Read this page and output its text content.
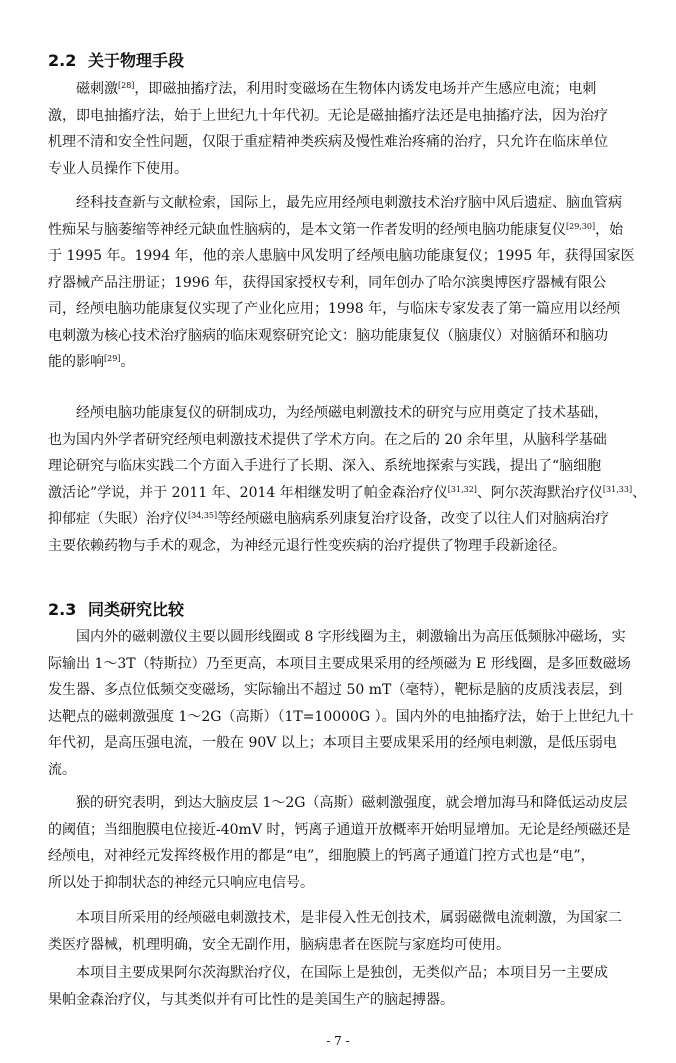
2.2 关于物理手段
磁刺激[28]，即磁抽搐疗法，利用时变磁场在生物体内诱发电场并产生感应电流；电刺
激，即电抽搐疗法，始于上世纪九十年代初。无论是磁抽搐疗法还是电抽搐疗法，因为治疗
机理不清和安全性问题，仅限于重症精神类疾病及慢性难治疼痛的治疗，只允许在临床单位
专业人员操作下使用。
经科技查新与文献检索，国际上，最先应用经颅电刺激技术治疗脑中风后遗症、脑血管病
性痴呆与脑萎缩等神经元缺血性脑病的，是本文第一作者发明的经颅电脑功能康复仪[29,30]，始
于 1995 年。1994 年，他的亲人患脑中风发明了经颅电脑功能康复仪；1995 年，获得国家医
疗器械产品注册证；1996 年，获得国家授权专利，同年创办了哈尔滨奥博医疗器械有限公
司，经颅电脑功能康复仪实现了产业化应用；1998 年，与临床专家发表了第一篇应用以经颅
电刺激为核心技术治疗脑病的临床观察研究论文：脑功能康复仪（脑康仪）对脑循环和脑功
能的影响[29]。
经颅电脑功能康复仪的研制成功，为经颅磁电刺激技术的研究与应用奠定了技术基础，
也为国内外学者研究经颅电刺激技术提供了学术方向。在之后的 20 余年里，从脑科学基础
理论研究与临床实践二个方面入手进行了长期、深入、系统地探索与实践，提出了“脑细胞
激活论”学说，并于 2011 年、2014 年相继发明了帕金森治疗仪[31,32]、阿尔茨海默治疗仪[31,33]、
抑郁症（失眠）治疗仪[34,35]等经颅磁电脑病系列康复治疗设备，改变了以往人们对脑病治疗
主要依赖药物与手术的观念，为神经元退行性变疾病的治疗提供了物理手段新途径。
2.3 同类研究比较
国内外的磁刺激仪主要以圆形线圈或 8 字形线圈为主，刺激输出为高压低频脉冲磁场，实
际输出 1～3T（特斯拉）乃至更高，本项目主要成果采用的经颅磁为 E 形线圈，是多匝数磁场
发生器、多点位低频交变磁场，实际输出不超过 50 mT（毫特），靶标是脑的皮质浅表层，到
达靶点的磁刺激强度 1～2G（高斯）（1T=10000G ）。国内外的电抽搐疗法，始于上世纪九十
年代初，是高压强电流，一般在 90V 以上；本项目主要成果采用的经颅电刺激，是低压弱电
流。
猴的研究表明，到达大脑皮层 1～2G（高斯）磁刺激强度，就会增加海马和降低运动皮层
的阈值；当细胞膜电位接近-40mV 时，钙离子通道开放概率开始明显增加。无论是经颅磁还是
经颅电，对神经元发挥终极作用的都是“电”，细胞膜上的钙离子通道门控方式也是“电”，
所以处于抑制状态的神经元只响应电信号。
本项目所采用的经颅磁电刺激技术，是非侵入性无创技术，属弱磁微电流刺激，为国家二
类医疗器械，机理明确，安全无副作用，脑病患者在医院与家庭均可使用。
本项目主要成果阿尔茨海默治疗仪，在国际上是独创，无类似产品；本项目另一主要成
果帕金森治疗仪，与其类似并有可比性的是美国生产的脑起搏器。
- 7 -
